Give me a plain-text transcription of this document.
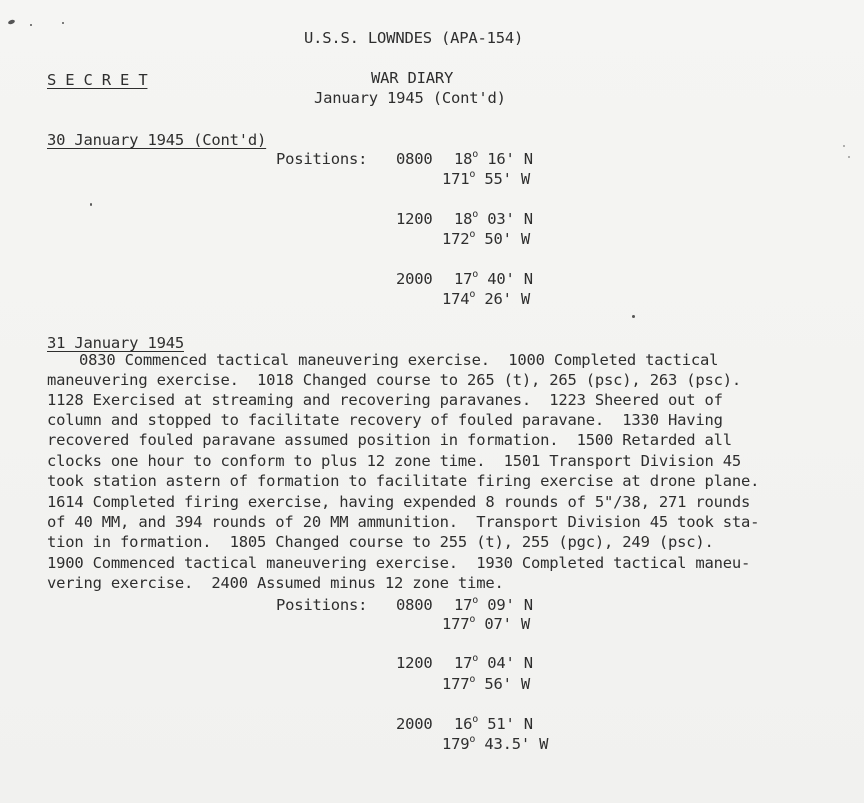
U.S.S. LOWNDES (APA-154)
S E C R E T	WAR DIARY
January 1945 (Cont'd)
30 January 1945 (Cont'd)
Positions: 0800 18$^o$ 16' N
171$^o$ 55' W
1200 18$^o$ 03' N
172$^o$ 50' W
2000 17$^o$ 40' N
174$^o$ 26' W
31 January 1945
0830 Commenced tactical maneuvering exercise.  1000 Completed tactical
maneuvering exercise.  1018 Changed course to 265 (t), 265 (psc), 263 (psc).
1128 Exercised at streaming and recovering paravanes.  1223 Sheered out of
column and stopped to facilitate recovery of fouled paravane.  1330 Having
recovered fouled paravane assumed position in formation.  1500 Retarded all
clocks one hour to conform to plus 12 zone time.  1501 Transport Division 45
took station astern of formation to facilitate firing exercise at drone plane.
1614 Completed firing exercise, having expended 8 rounds of 5"/38, 271 rounds
of 40 MM, and 394 rounds of 20 MM ammunition.  Transport Division 45 took sta-
tion in formation.  1805 Changed course to 255 (t), 255 (pgc), 249 (psc).
1900 Commenced tactical maneuvering exercise.  1930 Completed tactical maneu-
vering exercise.  2400 Assumed minus 12 zone time.
Positions: 0800 17$^o$ 09' N
177$^o$ 07' W
1200 17$^o$ 04' N
177$^o$ 56' W
2000 16$^o$ 51' N
179$^o$ 43.5' W
